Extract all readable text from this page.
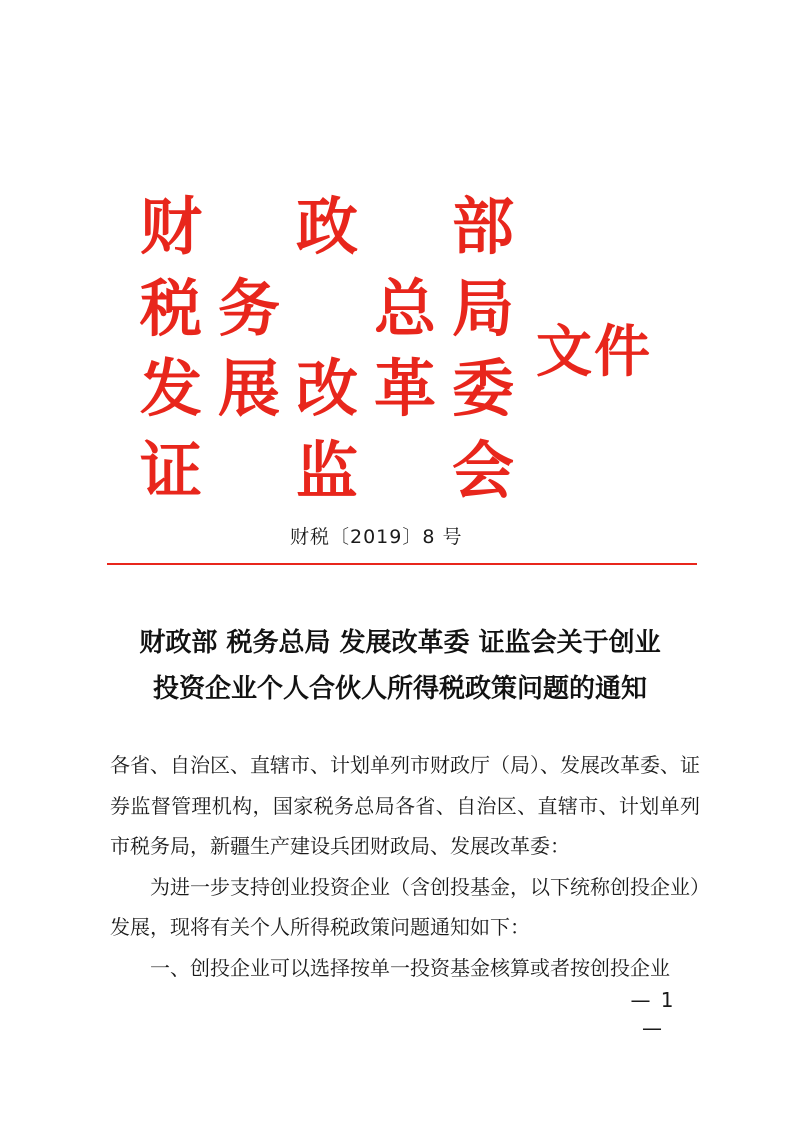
财 政 部
税 务 总 局
发 展 改 革 委
证 监 会
文件
财税〔2019〕8 号
财政部 税务总局 发展改革委 证监会关于创业
投资企业个人合伙人所得税政策问题的通知

各省、自治区、直辖市、计划单列市财政厅（局）、发展改革委、证券监督管理机构，国家税务总局各省、自治区、直辖市、计划单列市税务局，新疆生产建设兵团财政局、发展改革委：

为进一步支持创业投资企业（含创投基金，以下统称创投企业）发展，现将有关个人所得税政策问题通知如下：

一、创投企业可以选择按单一投资基金核算或者按创投企业

— 1 —
